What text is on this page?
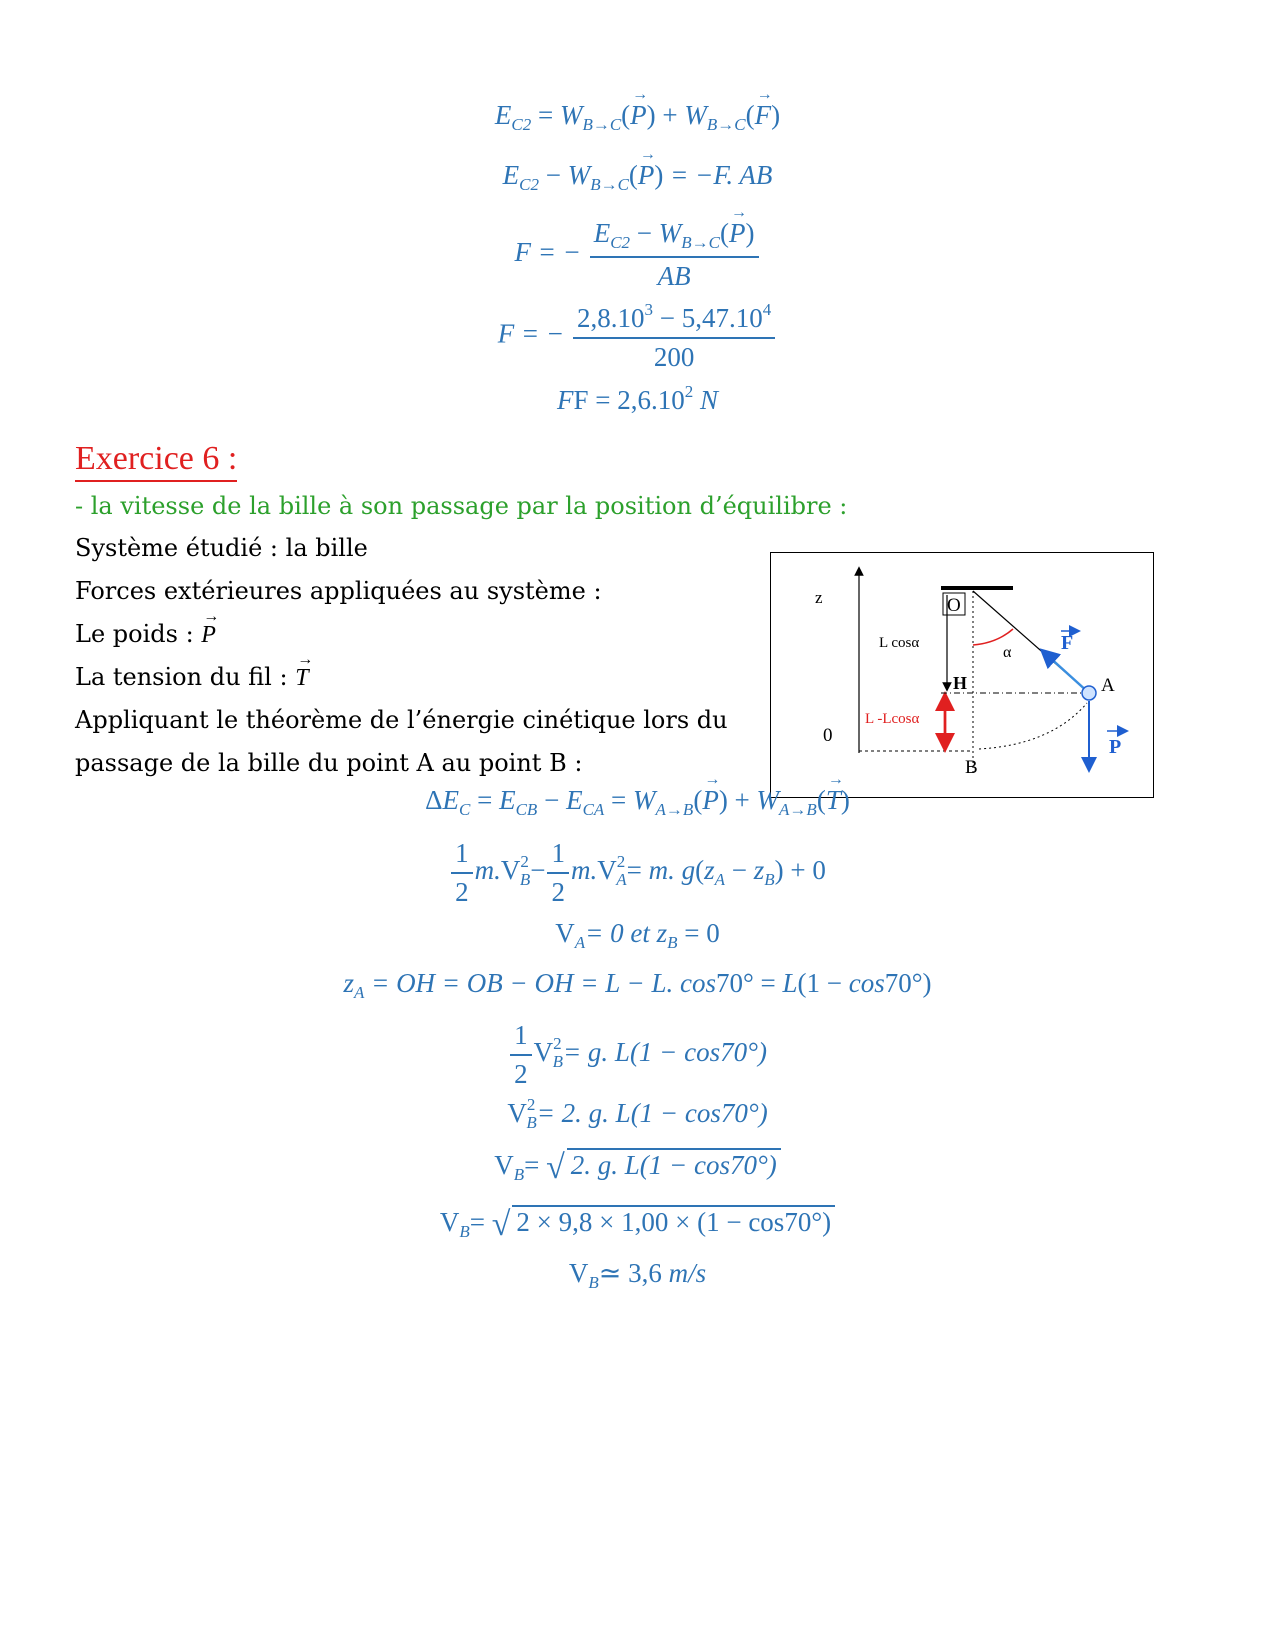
$E_{C2} = W_{B\to C}(\to P) + W_{B\to C}(\to F)$
$E_{C2} - W_{B\to C}(\to P) = -F$. AB
F = − $\frac{E_{C2} - W_{B\to C}(\to P)}{AB}$
F = − $\frac{2,8.10^3 - 5,47.10^4}{200}$
FF = $2,6.10^2$ N
Exercice 6 :
- la vitesse de la bille à son passage par la position d’équilibre :
Système étudié : la bille
Forces extérieures appliquées au système :
Le poids : → P
La tension du fil : → T
Appliquant le théorème de l’énergie cinétique lors du
passage de la bille du point A au point B :
z
0
L cosα
L -Lcosα
O
H
α F
A
P
B
$\Delta E_C = E_{CB} - E_{CA} = W_{A\to B}(\to P) + W_{A\to B}(\to T)$
$\frac{1}{2} m.V^2_B- \frac{1}{2} m.V^2_A= m$. $g(z_A - z_B) + 0$
$V_A= 0$ et $z_B = 0$
$z_A$ = OH = OB − OH = L − L. cos70° = L(1 − cos70°)
$\frac{1}{2} V^2_B= g$. L(1 − cos70°)
$V^2_B= 2$. g. L(1 − cos70°)
$V_B=$ √ 2. g. L(1 − cos70°)
$V_B=$ √ 2 × 9,8 × 1,00 × (1 − cos70°)
$V_B≃$ 3,6 m/s
